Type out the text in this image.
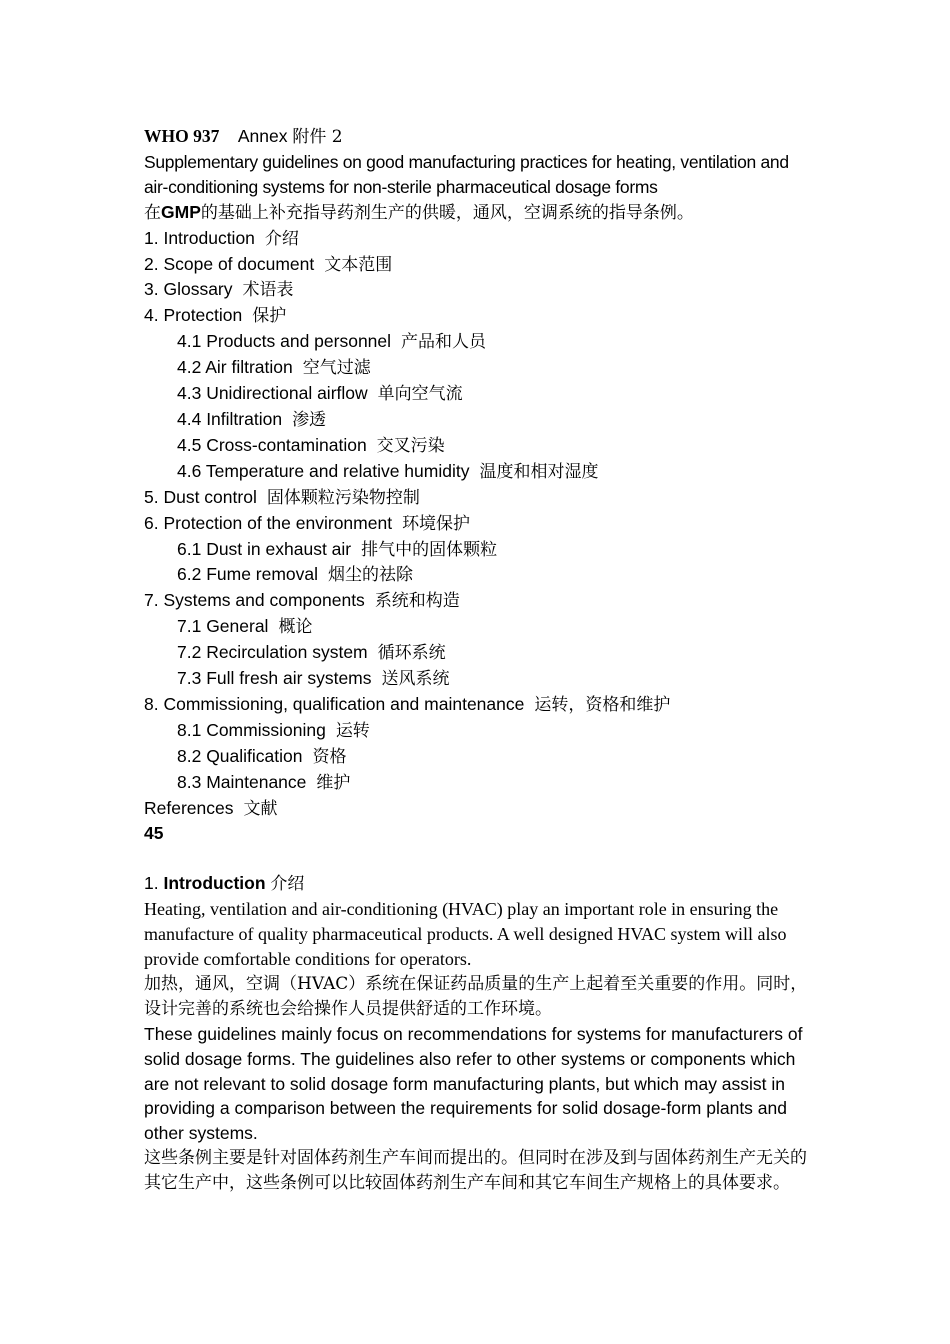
WHO 937 Annex 附件 2
Supplementary guidelines on good manufacturing practices for heating, ventilation and air-conditioning systems for non-sterile pharmaceutical dosage forms
在GMP的基础上补充指导药剂生产的供暖，通风，空调系统的指导条例。
1. Introduction 介绍
2. Scope of document 文本范围
3. Glossary 术语表
4. Protection 保护
4.1 Products and personnel 产品和人员
4.2 Air filtration 空气过滤
4.3 Unidirectional airflow 单向空气流
4.4 Infiltration 渗透
4.5 Cross-contamination 交叉污染
4.6 Temperature and relative humidity 温度和相对湿度
5. Dust control 固体颗粒污染物控制
6. Protection of the environment 环境保护
6.1 Dust in exhaust air 排气中的固体颗粒
6.2 Fume removal 烟尘的祛除
7. Systems and components 系统和构造
7.1 General 概论
7.2 Recirculation system 循环系统
7.3 Full fresh air systems 送风系统
8. Commissioning, qualification and maintenance 运转，资格和维护
8.1 Commissioning 运转
8.2 Qualification 资格
8.3 Maintenance 维护
References 文献
45
1. Introduction 介绍
Heating, ventilation and air-conditioning (HVAC) play an important role in ensuring the manufacture of quality pharmaceutical products. A well designed HVAC system will also provide comfortable conditions for operators.
加热，通风，空调（HVAC）系统在保证药品质量的生产上起着至关重要的作用。同时，设计完善的系统也会给操作人员提供舒适的工作环境。
These guidelines mainly focus on recommendations for systems for manufacturers of solid dosage forms. The guidelines also refer to other systems or components which are not relevant to solid dosage form manufacturing plants, but which may assist in providing a comparison between the requirements for solid dosage-form plants and other systems.
这些条例主要是针对固体药剂生产车间而提出的。但同时在涉及到与固体药剂生产无关的其它生产中，这些条例可以比较固体药剂生产车间和其它车间生产规格上的具体要求。
